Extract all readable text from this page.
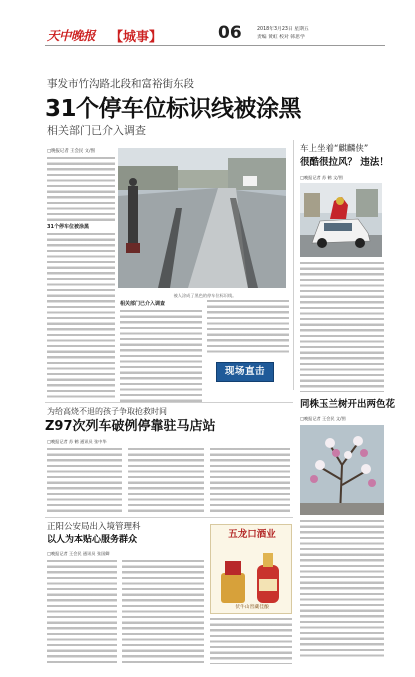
天中晚报	【城事】	06	2018年3月23日 星期五
责编 黄虹 校对 韩思学
事发市竹沟路北段和富裕街东段
31个停车位标识线被涂黑
相关部门已介入调查
□晚报记者 王会民 文/图
31个停车位被涂黑
被人涂成了黑色的停车位标识线。
相关部门已介入调查
现场直击
车上坐着“麒麟侠”
很酷很拉风？ 违法！
□晚报记者 苏 鹤 文/图
为给高烧不退的孩子争取抢救时间
Z97次列车破例停靠驻马店站
□晚报记者 苏 鹤 通讯员 张中华
同株玉兰树开出两色花
□晚报记者 王会民 文/图
正阳公安局出入境管理科
以人为本贴心服务群众
□晚报记者 王会民 通讯员 张国卿
五龙口酒业
伏牛山窖藏佳酿
